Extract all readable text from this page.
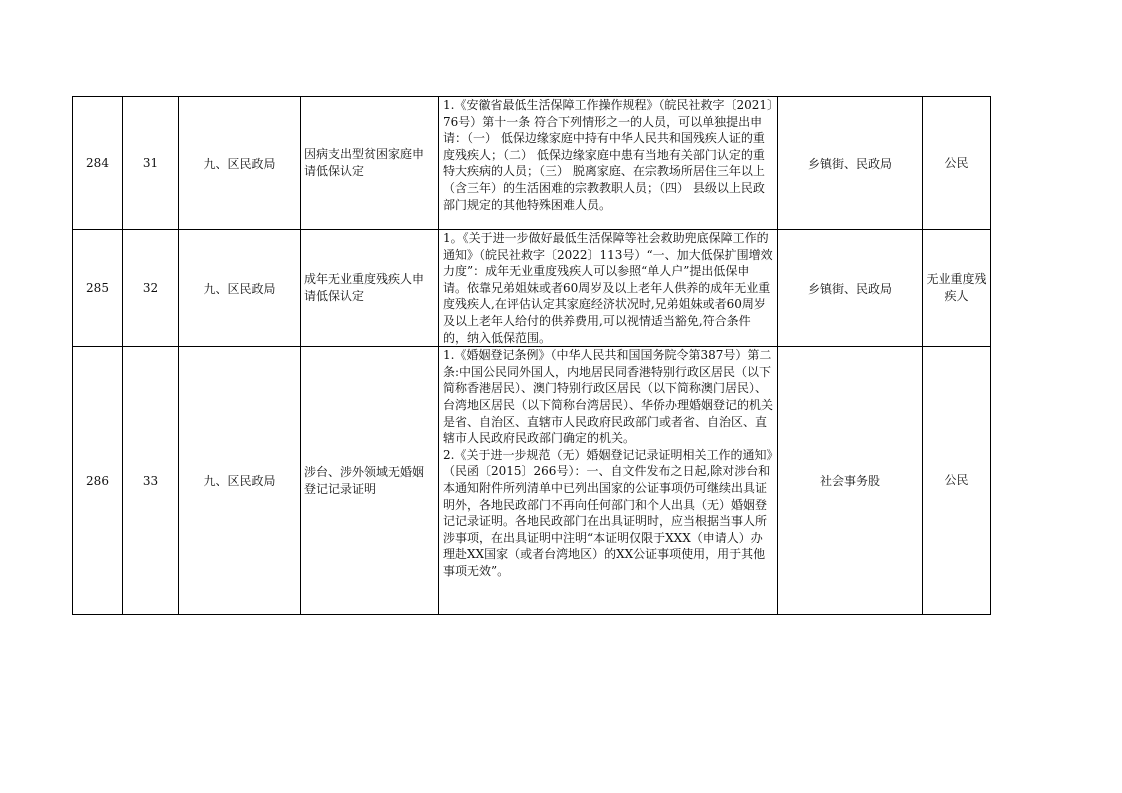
284	31	九、区民政局	因病支出型贫困家庭申请低保认定	1.《安徽省最低生活保障工作操作规程》（皖民社救字〔2021〕76号）第十一条 符合下列情形之一的人员，可以单独提出申请：（一） 低保边缘家庭中持有中华人民共和国残疾人证的重度残疾人；（二） 低保边缘家庭中患有当地有关部门认定的重特大疾病的人员；（三） 脱离家庭、在宗教场所居住三年以上（含三年）的生活困难的宗教教职人员；（四） 县级以上民政部门规定的其他特殊困难人员。	乡镇街、民政局	公民
285	32	九、区民政局	成年无业重度残疾人申请低保认定	1。《关于进一步做好最低生活保障等社会救助兜底保障工作的通知》（皖民社救字〔2022〕113号）“一、加大低保扩围增效力度”：成年无业重度残疾人可以参照“单人户”提出低保申请。依靠兄弟姐妹或者60周岁及以上老年人供养的成年无业重度残疾人,在评估认定其家庭经济状况时,兄弟姐妹或者60周岁及以上老年人给付的供养费用,可以视情适当豁免,符合条件的，纳入低保范围。	乡镇街、民政局	无业重度残疾人
286	33	九、区民政局	涉台、涉外领域无婚姻登记记录证明	1.《婚姻登记条例》（中华人民共和国国务院令第387号）第二条:中国公民同外国人，内地居民同香港特别行政区居民（以下简称香港居民）、澳门特别行政区居民（以下简称澳门居民）、台湾地区居民（以下简称台湾居民）、华侨办理婚姻登记的机关是省、自治区、直辖市人民政府民政部门或者省、自治区、直辖市人民政府民政部门确定的机关。

2.《关于进一步规范（无）婚姻登记记录证明相关工作的通知》（民函〔2015〕266号）：一、自文件发布之日起,除对涉台和本通知附件所列清单中已列出国家的公证事项仍可继续出具证明外，各地民政部门不再向任何部门和个人出具（无）婚姻登记记录证明。各地民政部门在出具证明时，应当根据当事人所涉事项，在出具证明中注明“本证明仅限于XXX（申请人）办理赴XX国家（或者台湾地区）的XX公证事项使用，用于其他事项无效”。	社会事务股	公民
